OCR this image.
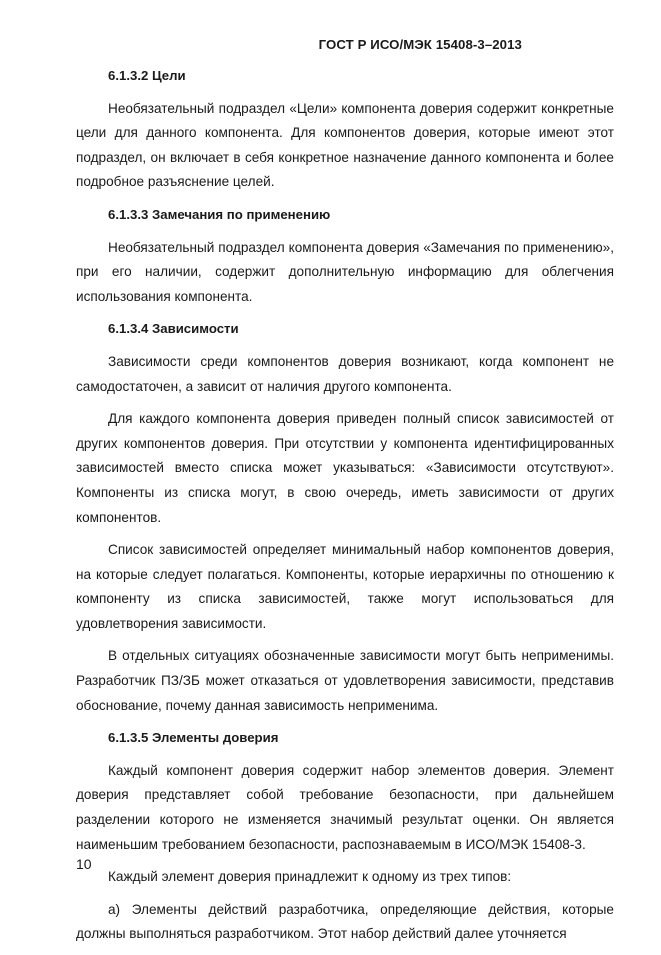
ГОСТ Р ИСО/МЭК 15408-3–2013
6.1.3.2 Цели

Необязательный подраздел «Цели» компонента доверия содержит конкретные цели для данного компонента. Для компонентов доверия, которые имеют этот подраздел, он включает в себя конкретное назначение данного компонента и более подробное разъяснение целей.

6.1.3.3 Замечания по применению

Необязательный подраздел компонента доверия «Замечания по применению», при его наличии, содержит дополнительную информацию для облегчения использования компонента.

6.1.3.4 Зависимости

Зависимости среди компонентов доверия возникают, когда компонент не самодостаточен, а зависит от наличия другого компонента.

Для каждого компонента доверия приведен полный список зависимостей от других компонентов доверия. При отсутствии у компонента идентифицированных зависимостей вместо списка может указываться: «Зависимости отсутствуют». Компоненты из списка могут, в свою очередь, иметь зависимости от других компонентов.

Список зависимостей определяет минимальный набор компонентов доверия, на которые следует полагаться. Компоненты, которые иерархичны по отношению к компоненту из списка зависимостей, также могут использоваться для удовлетворения зависимости.

В отдельных ситуациях обозначенные зависимости могут быть неприменимы. Разработчик ПЗ/ЗБ может отказаться от удовлетворения зависимости, представив обоснование, почему данная зависимость неприменима.

6.1.3.5 Элементы доверия

Каждый компонент доверия содержит набор элементов доверия. Элемент доверия представляет собой требование безопасности, при дальнейшем разделении которого не изменяется значимый результат оценки. Он является наименьшим требованием безопасности, распознаваемым в ИСО/МЭК 15408-3.

Каждый элемент доверия принадлежит к одному из трех типов:

а) Элементы действий разработчика, определяющие действия, которые должны выполняться разработчиком. Этот набор действий далее уточняется

10
